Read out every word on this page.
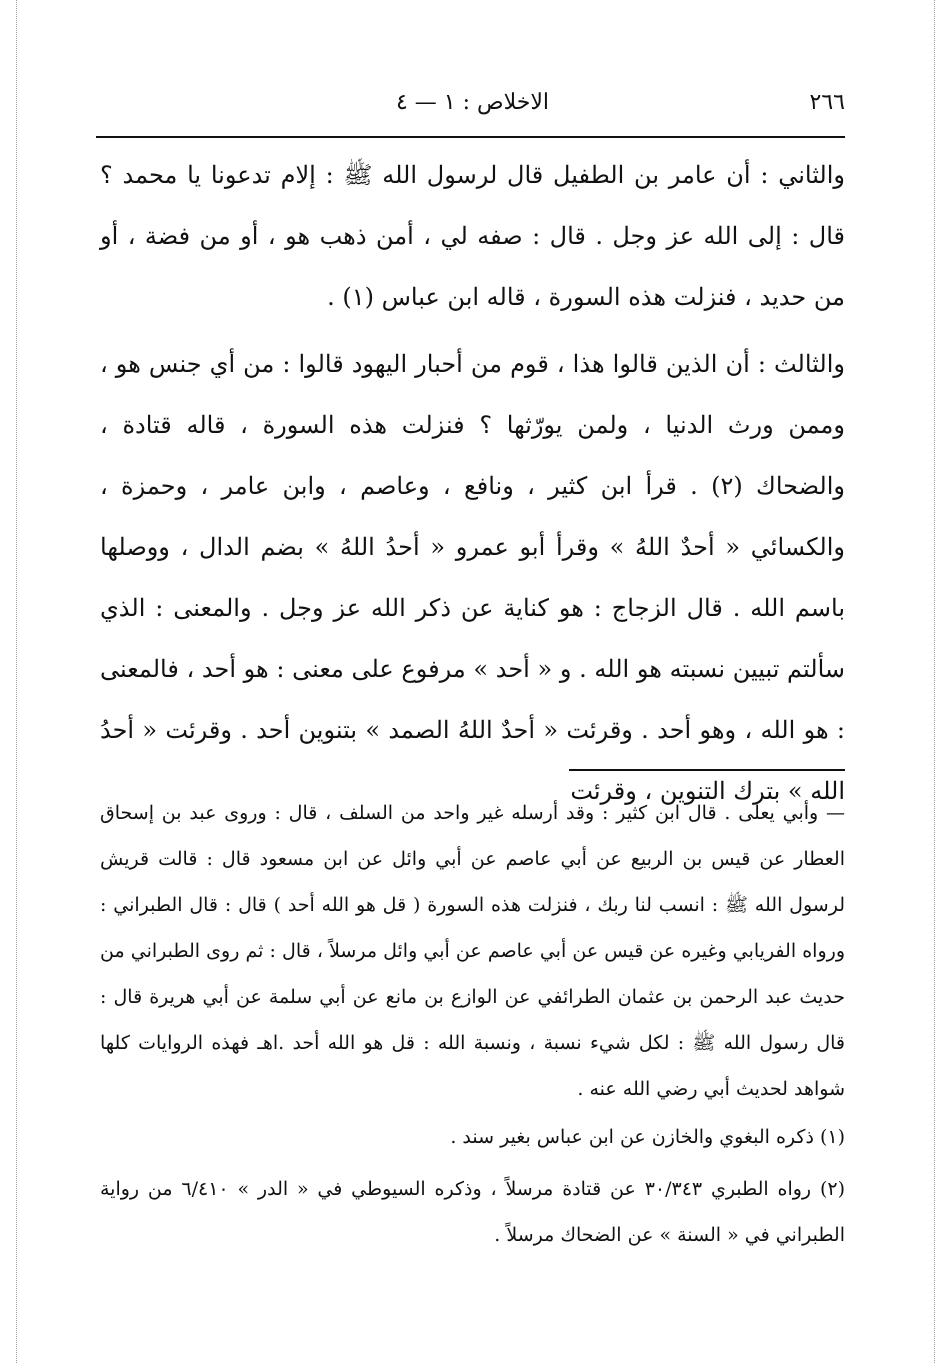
٢٦٦
الاخلاص : ١ — ٤

والثاني : أن عامر بن الطفيل قال لرسول الله ﷺ : إلام تدعونا يا محمد ؟ قال : إلى الله عز وجل . قال : صفه لي ، أمن ذهب هو ، أو من فضة ، أو من حديد ، فنزلت هذه السورة ، قاله ابن عباس (١) .

والثالث : أن الذين قالوا هذا ، قوم من أحبار اليهود قالوا : من أي جنس هو ، وممن ورث الدنيا ، ولمن يورّثها ؟ فنزلت هذه السورة ، قاله قتادة ، والضحاك (٢) . قرأ ابن كثير ، ونافع ، وعاصم ، وابن عامر ، وحمزة ، والكسائي « أحدٌ اللهُ » وقرأ أبو عمرو « أحدُ اللهُ » بضم الدال ، ووصلها باسم الله . قال الزجاج : هو كناية عن ذكر الله عز وجل . والمعنى : الذي سألتم تبيين نسبته هو الله . و « أحد » مرفوع على معنى : هو أحد ، فالمعنى : هو الله ، وهو أحد . وقرئت « أحدٌ اللهُ الصمد » بتنوين أحد . وقرئت « أحدُ الله » بترك التنوين ، وقرئت

— وأبي يعلى . قال ابن كثير : وقد أرسله غير واحد من السلف ، قال : وروى عبد بن إسحاق العطار عن قيس بن الربيع عن أبي عاصم عن أبي وائل عن ابن مسعود قال : قالت قريش لرسول الله ﷺ : انسب لنا ربك ، فنزلت هذه السورة ( قل هو الله أحد ) قال : قال الطبراني : ورواه الفريابي وغيره عن قيس عن أبي عاصم عن أبي وائل مرسلاً ، قال : ثم روى الطبراني من حديث عبد الرحمن بن عثمان الطرائفي عن الوازع بن مانع عن أبي سلمة عن أبي هريرة قال : قال رسول الله ﷺ : لكل شيء نسبة ، ونسبة الله : قل هو الله أحد .اهـ فهذه الروايات كلها شواهد لحديث أبي رضي الله عنه .

(١) ذكره البغوي والخازن عن ابن عباس بغير سند .

(٢) رواه الطبري ٣٠/٣٤٣ عن قتادة مرسلاً ، وذكره السيوطي في « الدر » ٦/٤١٠ من رواية الطبراني في « السنة » عن الضحاك مرسلاً .
